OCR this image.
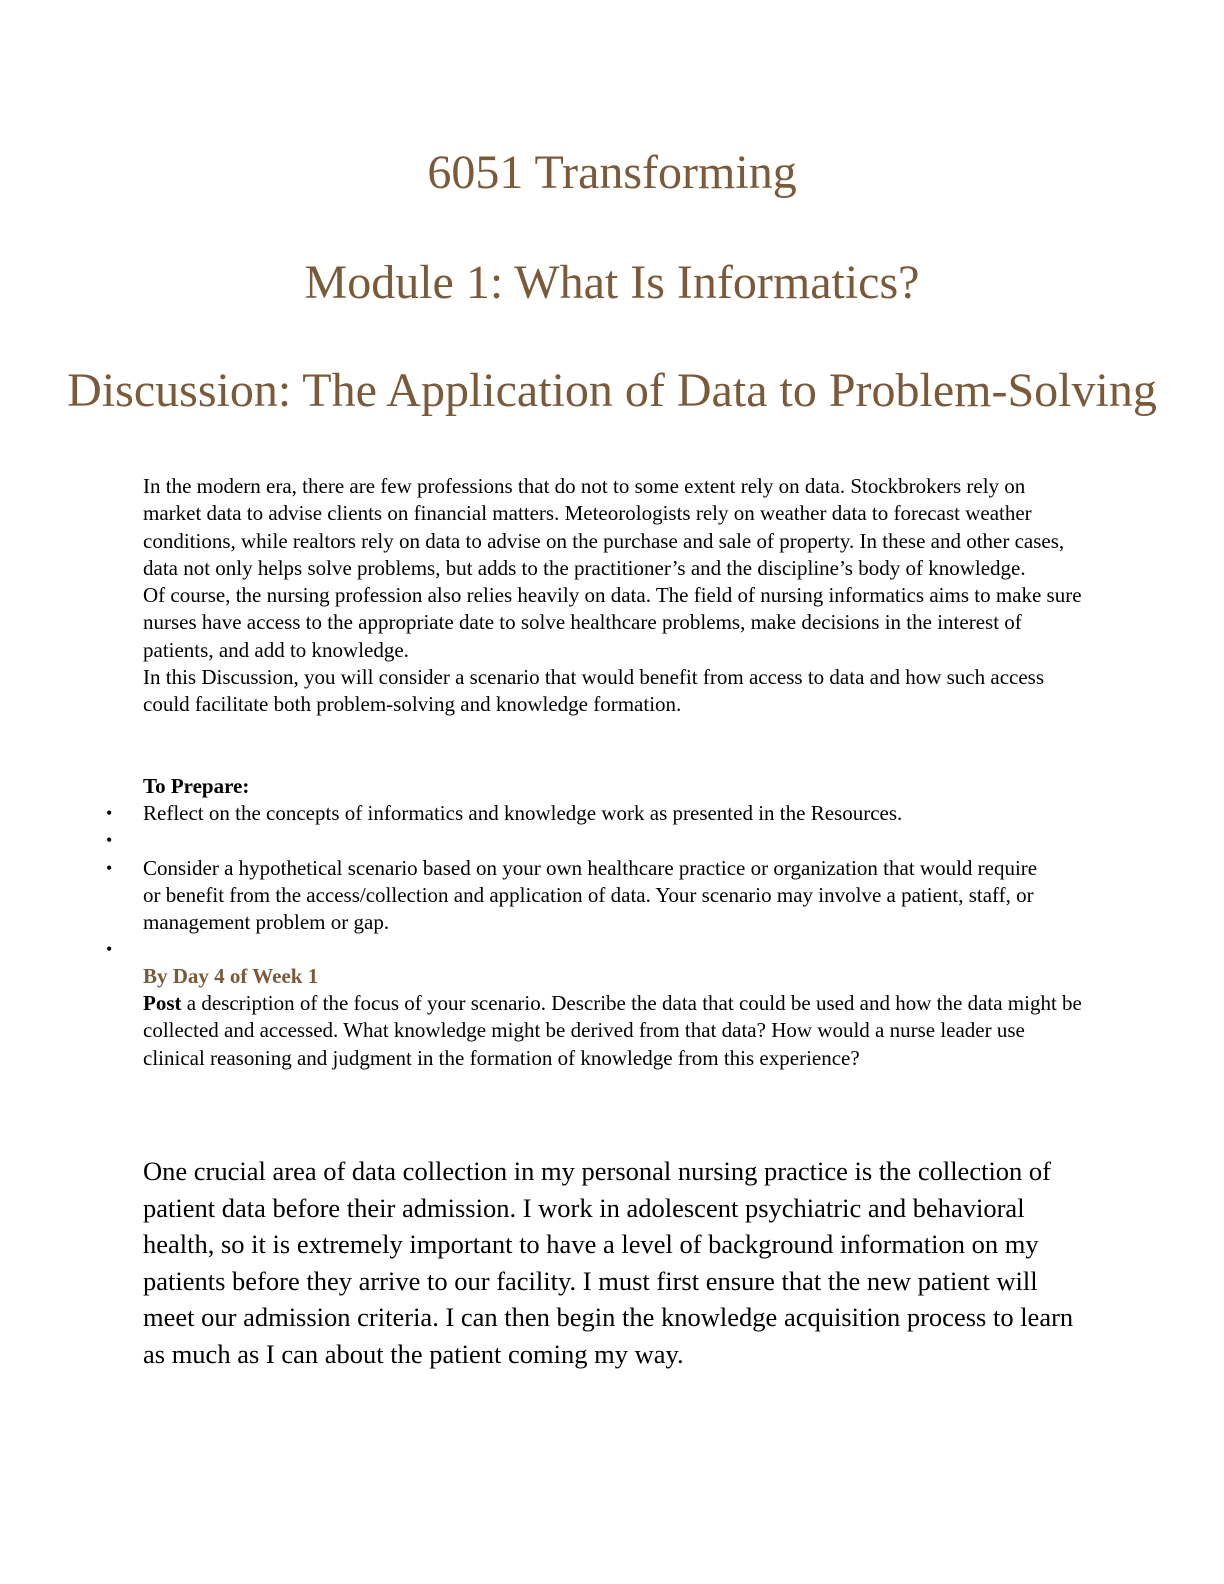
6051 Transforming
Module 1: What Is Informatics?
Discussion: The Application of Data to Problem-Solving

In the modern era, there are few professions that do not to some extent rely on data. Stockbrokers rely on market data to advise clients on financial matters. Meteorologists rely on weather data to forecast weather conditions, while realtors rely on data to advise on the purchase and sale of property. In these and other cases, data not only helps solve problems, but adds to the practitioner’s and the discipline’s body of knowledge.

Of course, the nursing profession also relies heavily on data. The field of nursing informatics aims to make sure nurses have access to the appropriate date to solve healthcare problems, make decisions in the interest of patients, and add to knowledge.

In this Discussion, you will consider a scenario that would benefit from access to data and how such access could facilitate both problem-solving and knowledge formation.

To Prepare:
• Reflect on the concepts of informatics and knowledge work as presented in the Resources.
•
• Consider a hypothetical scenario based on your own healthcare practice or organization that would require or benefit from the access/collection and application of data. Your scenario may involve a patient, staff, or management problem or gap.
•
By Day 4 of Week 1
Post a description of the focus of your scenario. Describe the data that could be used and how the data might be collected and accessed. What knowledge might be derived from that data? How would a nurse leader use clinical reasoning and judgment in the formation of knowledge from this experience?

One crucial area of data collection in my personal nursing practice is the collection of patient data before their admission. I work in adolescent psychiatric and behavioral health, so it is extremely important to have a level of background information on my patients before they arrive to our facility. I must first ensure that the new patient will meet our admission criteria. I can then begin the knowledge acquisition process to learn as much as I can about the patient coming my way.
